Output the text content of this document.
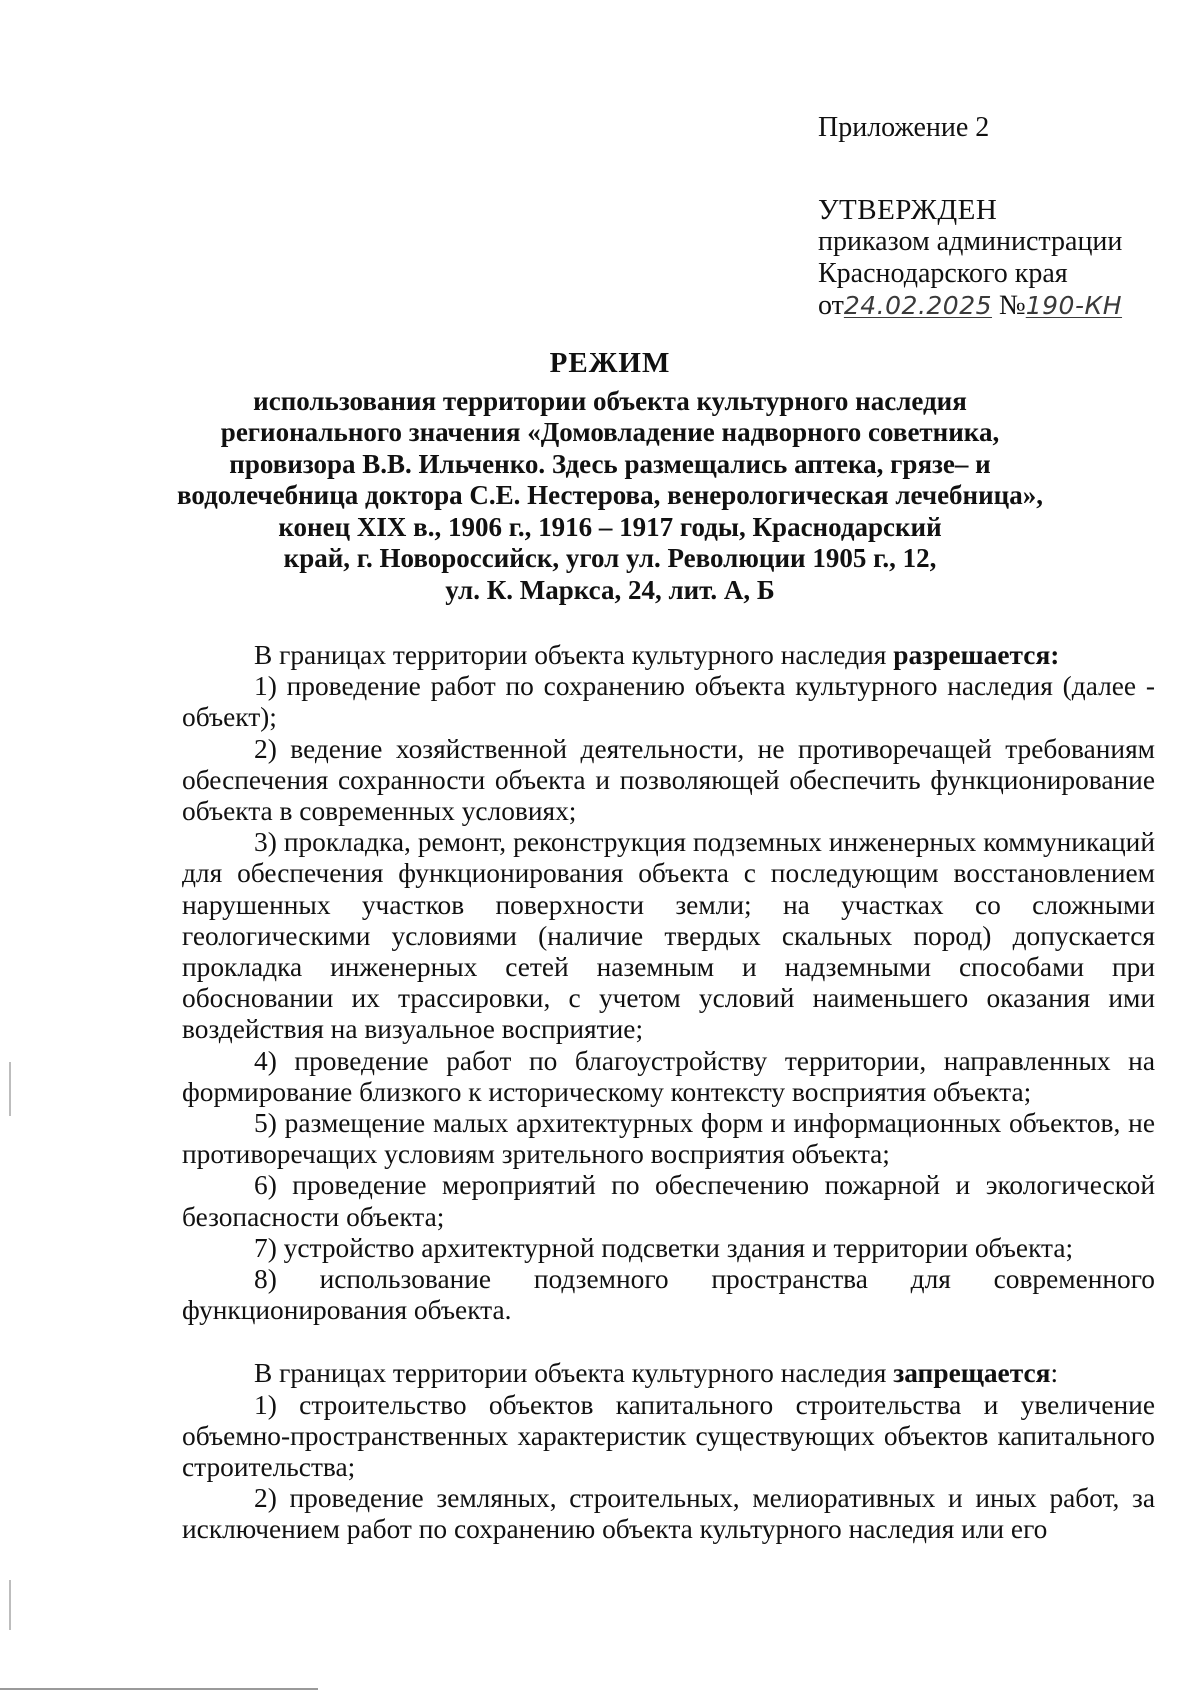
Приложение 2
УТВЕРЖДЕН
приказом администрации
Краснодарского края
от24.02.2025 №190-КН
РЕЖИМ
использования территории объекта культурного наследия
регионального значения «Домовладение надворного советника,
провизора В.В. Ильченко. Здесь размещались аптека, грязе– и
водолечебница доктора С.Е. Нестерова, венерологическая лечебница»,
конец XIX в., 1906 г., 1916 – 1917 годы, Краснодарский
край, г. Новороссийск, угол ул. Революции 1905 г., 12,
ул. К. Маркса, 24, лит. А, Б

В границах территории объекта культурного наследия разрешается:

1) проведение работ по сохранению объекта культурного наследия (далее - объект);

2) ведение хозяйственной деятельности, не противоречащей требованиям обеспечения сохранности объекта и позволяющей обеспечить функционирование объекта в современных условиях;

3) прокладка, ремонт, реконструкция подземных инженерных коммуникаций для обеспечения функционирования объекта с последующим восстановлением нарушенных участков поверхности земли; на участках со сложными геологическими условиями (наличие твердых скальных пород) допускается прокладка инженерных сетей наземным и надземными способами при обосновании их трассировки, с учетом условий наименьшего оказания ими воздействия на визуальное восприятие;

4) проведение работ по благоустройству территории, направленных на формирование близкого к историческому контексту восприятия объекта;

5) размещение малых архитектурных форм и информационных объектов, не противоречащих условиям зрительного восприятия объекта;

6) проведение мероприятий по обеспечению пожарной и экологической безопасности объекта;

7) устройство архитектурной подсветки здания и территории объекта;

8) использование подземного пространства для современного функционирования объекта.

В границах территории объекта культурного наследия запрещается:

1) строительство объектов капитального строительства и увеличение объемно-пространственных характеристик существующих объектов капитального строительства;

2) проведение земляных, строительных, мелиоративных и иных работ, за исключением работ по сохранению объекта культурного наследия или его
